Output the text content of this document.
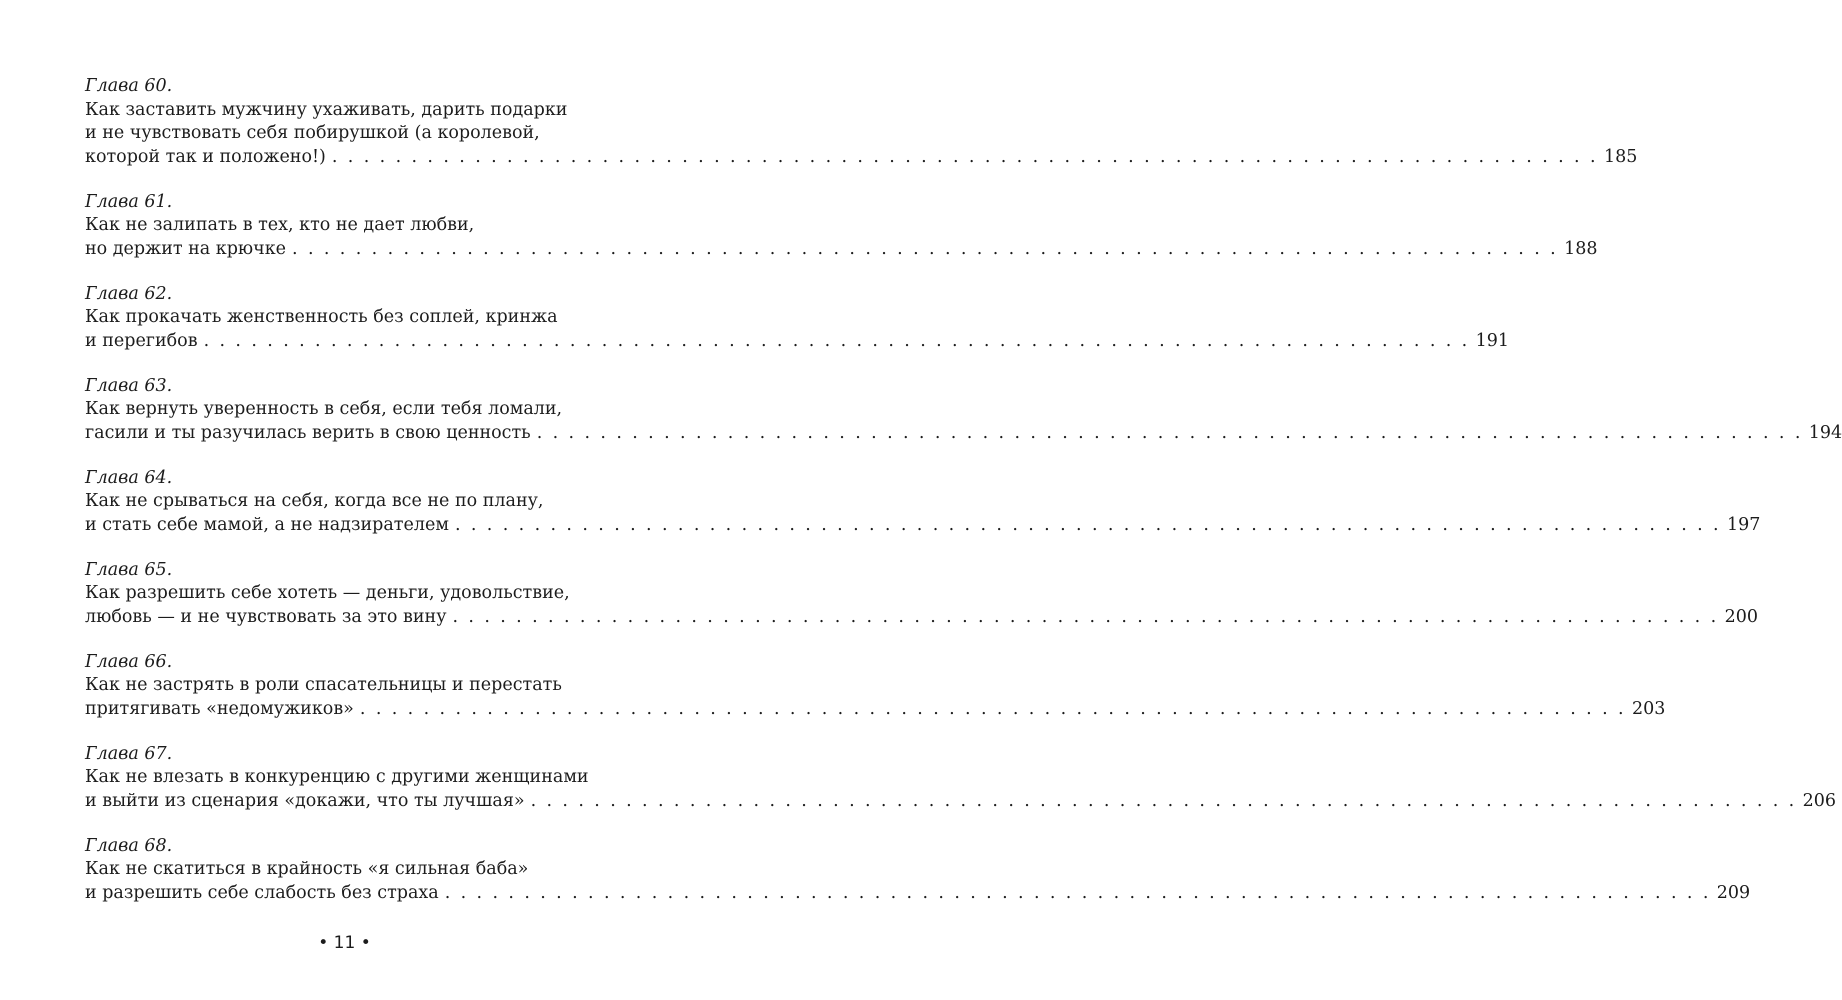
Глава 60.
Как заставить мужчину ухаживать, дарить подарки
и не чувствовать себя побирушкой (а королевой,
которой так и положено!) . . . . . . . . . . . . . . . . . . . . . . . . . . . . . . . . . . . . . . . . . . . . . . . . . . . . . . . . . . . . . . . . . . . . . . . . . . . . . . . . 185
Глава 61.
Как не залипать в тех, кто не дает любви,
но держит на крючке . . . . . . . . . . . . . . . . . . . . . . . . . . . . . . . . . . . . . . . . . . . . . . . . . . . . . . . . . . . . . . . . . . . . . . . . . . . . . . . . 188
Глава 62.
Как прокачать женственность без соплей, кринжа
и перегибов . . . . . . . . . . . . . . . . . . . . . . . . . . . . . . . . . . . . . . . . . . . . . . . . . . . . . . . . . . . . . . . . . . . . . . . . . . . . . . . . 191
Глава 63.
Как вернуть уверенность в себя, если тебя ломали,
гасили и ты разучилась верить в свою ценность . . . . . . . . . . . . . . . . . . . . . . . . . . . . . . . . . . . . . . . . . . . . . . . . . . . . . . . . . . . . . . . . . . . . . . . . . . . . . . . . 194
Глава 64.
Как не срываться на себя, когда все не по плану,
и стать себе мамой, а не надзирателем . . . . . . . . . . . . . . . . . . . . . . . . . . . . . . . . . . . . . . . . . . . . . . . . . . . . . . . . . . . . . . . . . . . . . . . . . . . . . . . . 197
Глава 65.
Как разрешить себе хотеть — деньги, удовольствие,
любовь — и не чувствовать за это вину . . . . . . . . . . . . . . . . . . . . . . . . . . . . . . . . . . . . . . . . . . . . . . . . . . . . . . . . . . . . . . . . . . . . . . . . . . . . . . . . 200
Глава 66.
Как не застрять в роли спасательницы и перестать
притягивать «недомужиков» . . . . . . . . . . . . . . . . . . . . . . . . . . . . . . . . . . . . . . . . . . . . . . . . . . . . . . . . . . . . . . . . . . . . . . . . . . . . . . . . 203
Глава 67.
Как не влезать в конкуренцию с другими женщинами
и выйти из сценария «докажи, что ты лучшая» . . . . . . . . . . . . . . . . . . . . . . . . . . . . . . . . . . . . . . . . . . . . . . . . . . . . . . . . . . . . . . . . . . . . . . . . . . . . . . . . 206
Глава 68.
Как не скатиться в крайность «я сильная баба»
и разрешить себе слабость без страха . . . . . . . . . . . . . . . . . . . . . . . . . . . . . . . . . . . . . . . . . . . . . . . . . . . . . . . . . . . . . . . . . . . . . . . . . . . . . . . . 209
• 11 •
